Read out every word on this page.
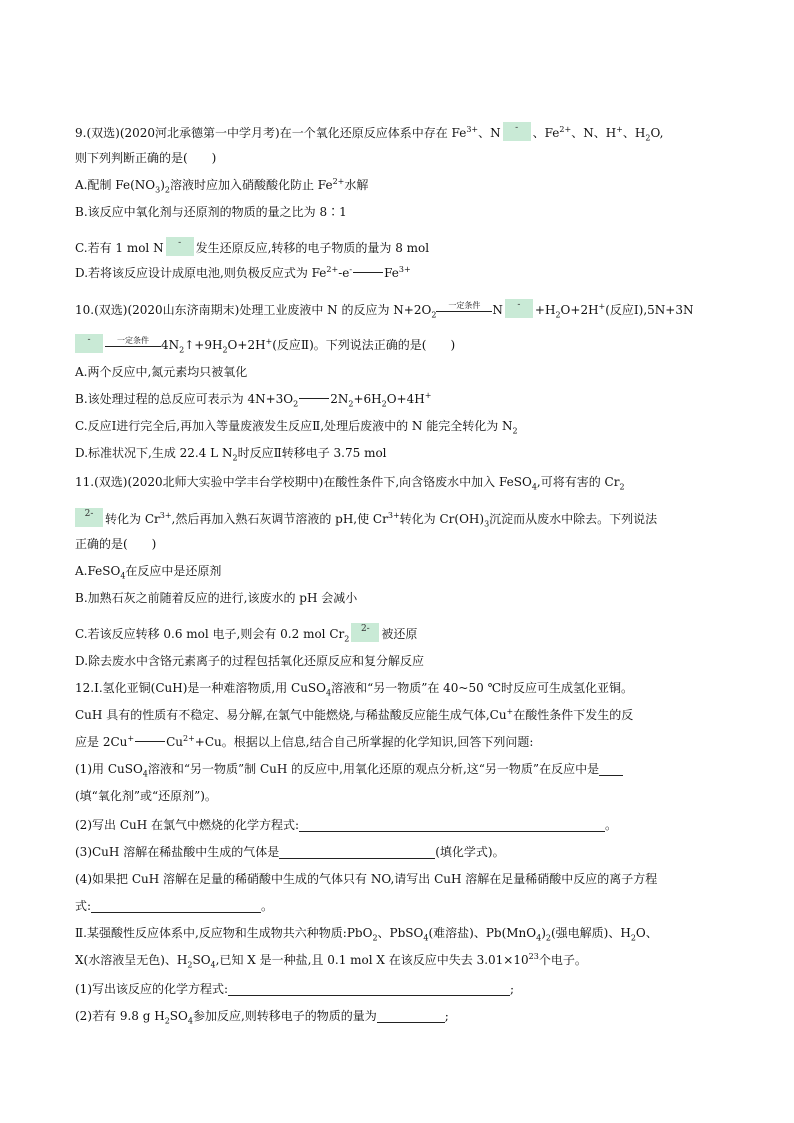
9.(双选)(2020河北承德第一中学月考)在一个氧化还原反应体系中存在 $Fe^{3+}$、N	-	、$Fe^{2+}$、N、H+、$H_2O$,
则下列判断正确的是(　　)
A.配制 $Fe(NO_3)_2$溶液时应加入硝酸酸化防止 $Fe^{2+}$水解
B.该反应中氧化剂与还原剂的物质的量之比为 8∶1
C.若有 1 mol N	-	发生还原反应,转移的电子物质的量为 8 mol
D.若将该反应设计成原电池,则负极反应式为 $Fe^{2+}-e^-$	$Fe^{3+}$
10.(双选)(2020山东济南期末)处理工业废液中 N 的反应为 $N+2O_2$
一定条件	N	-	$+H_2O+2H^+$(反应Ⅰ),5N+3N
-	一定条件	$4N_2↑+9H_2O+2H^+$(反应Ⅱ)。下列说法正确的是(　　)
A.两个反应中,氮元素均只被氧化
B.该处理过程的总反应可表示为 $4N+3O_2$	$2N_2+6H_2O+4H^+$
C.反应Ⅰ进行完全后,再加入等量废液发生反应Ⅱ,处理后废液中的 N 能完全转化为 $N_2$
D.标准状况下,生成 22.4 L $N_2$时反应Ⅱ转移电子 3.75 mol
11.(双选)(2020北师大实验中学丰台学校期中)在酸性条件下,向含铬废水中加入 FeSO$_4$,可将有害的 $Cr_2$
2- 转化为 $Cr^{3+}$,然后再加入熟石灰调节溶液的 pH,使 $Cr^{3+}$转化为 $Cr(OH)_3$沉淀而从废水中除去。下列说法
正确的是(　　)
A.FeSO$_4$在反应中是还原剂
B.加熟石灰之前随着反应的进行,该废水的 pH 会减小
C.若该反应转移 0.6 mol 电子,则会有 0.2 mol $Cr_2$
2- 被还原
D.除去废水中含铬元素离子的过程包括氧化还原反应和复分解反应
12.Ⅰ.氢化亚铜(CuH)是一种难溶物质,用 CuSO$_4$溶液和“另一物质”在 40~50 ℃时反应可生成氢化亚铜。
CuH 具有的性质有不稳定、易分解,在氯气中能燃烧,与稀盐酸反应能生成气体,Cu+在酸性条件下发生的反
应是 2Cu+	$Cu^{2+}+Cu$。根据以上信息,结合自己所掌握的化学知识,回答下列问题:
(1)用 CuSO$_4$溶液和“另一物质”制 CuH 的反应中,用氧化还原的观点分析,这“另一物质”在反应中是
(填“氧化剂”或“还原剂”)。
(2)写出 CuH 在氯气中燃烧的化学方程式:	。
(3)CuH 溶解在稀盐酸中生成的气体是	(填化学式)。
(4)如果把 CuH 溶解在足量的稀硝酸中生成的气体只有 NO,请写出 CuH 溶解在足量稀硝酸中反应的离子方程
式:	。
Ⅱ.某强酸性反应体系中,反应物和生成物共六种物质:PbO$_2$、PbSO$_4$(难溶盐)、$Pb(MnO_4)_2$(强电解质)、$H_2O$、
X(水溶液呈无色)、$H_2SO_4$,已知 X 是一种盐,且 0.1 mol X 在该反应中失去 $3.01\times 10^{23}$个电子。
(1)写出该反应的化学方程式:	;
(2)若有 9.8 g $H_2SO_4$参加反应,则转移电子的物质的量为	;
